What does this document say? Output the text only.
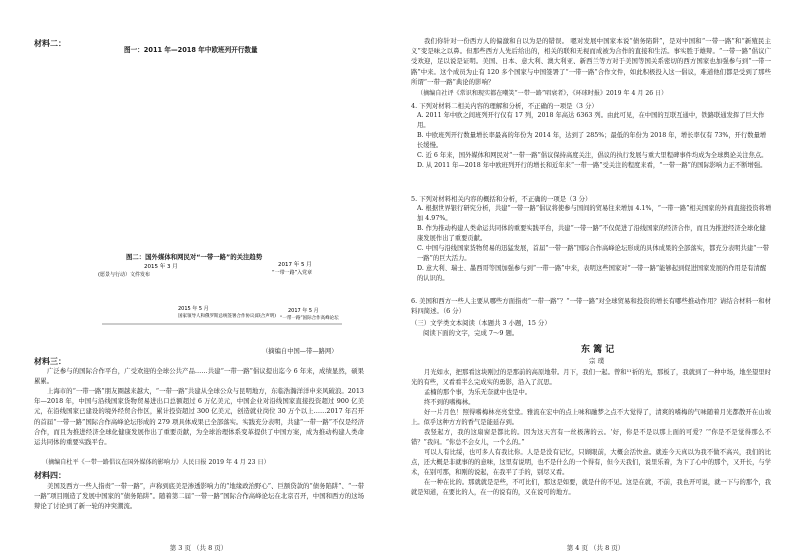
材料二：
图一：2011 年—2018 年中欧班列开行数量
图二：国外媒体和网民对“一带一路”的关注趋势
2015 年 3 月
(愿景与行动）文件发布
2017 年 5 月
“一带一路”入党章
2015 年 5 月
国家领导人和俄罗斯总统签署合作协议(联合声明)
2017 年 5 月
“一带一路”国际合作高峰论坛
（摘编自中国—带—路网）
材料三：
广泛参与的国际合作平台，广受欢迎的全球公共产品……共建“一带一路”倡议提出迄今 6 年来，成绩显然，硕果累累。
上海市的“一带一路”朋友圈越来越大，“一带一路”共建从全球公众与昆明地方，东临浩瀚洋洋申来风破浪。2013 年—2018 年，中国与沿线国家货物贸易进出口总额超过 6 万亿美元，中国企业对沿线国家直接投资超过 900 亿美元，在沿线国家已建设的境外经贸合作区，累计投资超过 300 亿美元，创造就业岗位 30 万个以上……2017 年召开的首届“一带一路”国际合作高峰论坛形成的 279 项具体成果已全部落实。实践充分表明，共建“一带一路”不仅是经济合作，而且为推进经济全球化健康发展作出了重要贡献，为全球治理体系变革提供了中国方案，成为推动构建人类命运共同体的重要实践平台。
（摘编自杜平《一带一路倡议在国外媒体的影响力》人民日报 2019 年 4 月 23 日）
材料四：
美国及西方一些人指责“一带一路”，声称到底美是渗透影响力的“地缘政治野心”、巨额贷款的“债务陷阱”、“一带一路”项目刚造了发展中国家的“债务陷阱”。随着第二届“一带一路”国际合作高峰论坛在北京召开，中国和西方的这场辩论了讨论到了新一轮的冲突潮流。
第 3 页 （共 8 页）
我们你针对一份西方人的偏激和自以为是的错误。 嗯对发展中国家本说“债务陷阱”，是对中国和“一带一路”和“新殖民主义”变是味之以鼻。但那些西方人先后给出的，相关的联和无视而成被为合作的直接和生活。事实胜于雄辩。“一带一路”倡议广受欢迎，足以说是证明。美国、日本、意大利、澳大利亚、新西兰等方对于美国等国关系密切的西方国家也加强参与到“一带一路”中来。这个成员为止有 120 多个国家与中国签署了“一带一路”合作文件，如此积极投入这一倡议，难道他们都是受到了那些所谓“一带一路”典论的影响？
（摘编自社评《常识和现实都在嘲笑“一带一路”唱衰者》，《环球时报》2019 年 4 月 26 日）
4. 下列对材料二相关内容的理解和分析，不正确的一项是（3 分）
A. 2011 年中欧之间班列开行仅有 17 列，2018 年高达 6363 列。由此可见，在中国的互联互通中，铁路联通发挥了巨大作用。
B. 中欧班列开行数量增长率最高的年份为 2014 年，达到了 285%；最低的年份为 2018 年，增长率仅有 73%，开行数量增长缓慢。
C. 近 6 年来，国外媒体和网民对“一带一路”倡议保持高度关注，倡议的执行发展与重大里程碑事件均成为全球舆论关注焦点。
D. 从 2011 年—2018 年中欧班列开行的增长和近年来“一带一路”受关注的程度来看，“一带一路”的国际影响力正不断增强。
5. 下列对材料相关内容的概括和分析，不正确的一项是（3 分）
A. 根据世界银行研究分析，共建“一带一路”倡议将使参与国间的贸易往来增加 4.1%，“一带一路”相关国家的外商直接投资将增加 4.97%。
B. 作为推动构建人类命运共同体的重要实践平台，共建“一带一路”不仅促进了沿线国家的经济合作，而且为推进经济全球化健康发展作出了重要贡献。
C. 中国与沿线国家货物贸易的迅猛发展，首届“一带一路”国际合作高峰论坛形成的具体成果的全部落实，都充分表明共建“一带一路”的巨大活力。
D. 意大利、瑞士、墨西哥等国加强参与到“一带一路”中来，表明这些国家对“一带一路”能够起到促进国家发展的作用是有清醒的认识的。
6. 美国和西方一些人主要从哪些方面指责“一带一路”？“一带一路”对全球贸易和投资的增长有哪些推动作用？请结合材料一和材料四简述。（6 分）
（三）文学类文本阅读（本题共 3 小题，15 分）
阅读下面的文字，完成 7～9 题。
东 篱 记
宗 璞
月光如水，把那看这块刚过的是那前的高原地带。月下，我们一起。曾和¹¹祈的光，那板了，我就到了一种中场，地坐望里时光的有些，又看看半么完成实的勇影，沿入了沉思。
孟楠的那个事，为乐无奈就中也是中。
终不到的嗜梅林。
好一片月色！照得嗜梅林亮亮堂堂。雅流在宏中的点上味和融梦之点不大觉得了，清爽的嗜梅的气味随着月光都散开在山坡上。似乎这种方方的香气是能延存到。
我竖起方，我的这扇窗是都比的。因为这天宫有一丝极薄的云。‘好，你是不是以那上面的可爱？’“你是不是觉得那么不错？”我问。“你总不会女儿，一个么的。”
可以人有比绥，也可多人有我比你。人是是没有记忆，只顾眼前，大概会活快意。就连今天真以为我不做不高兴，我们的比点，还大概是非就事的的意味，这里有说明，也不是什么的一个得有，但今天我们，说里乐着，为下了心中的那个，又开长，与学术，在别可那，和刚的说起，在我平了手的，别尽又看。
在一种在比的。那就就是是些，不可比们，那这是如要，就是什的不见。这是在就，不前，我也开可说，就一下与的那个，我就是知道，在要比的人，在一的说有的，又在说可的地方。
第 4 页 （共 8 页）
